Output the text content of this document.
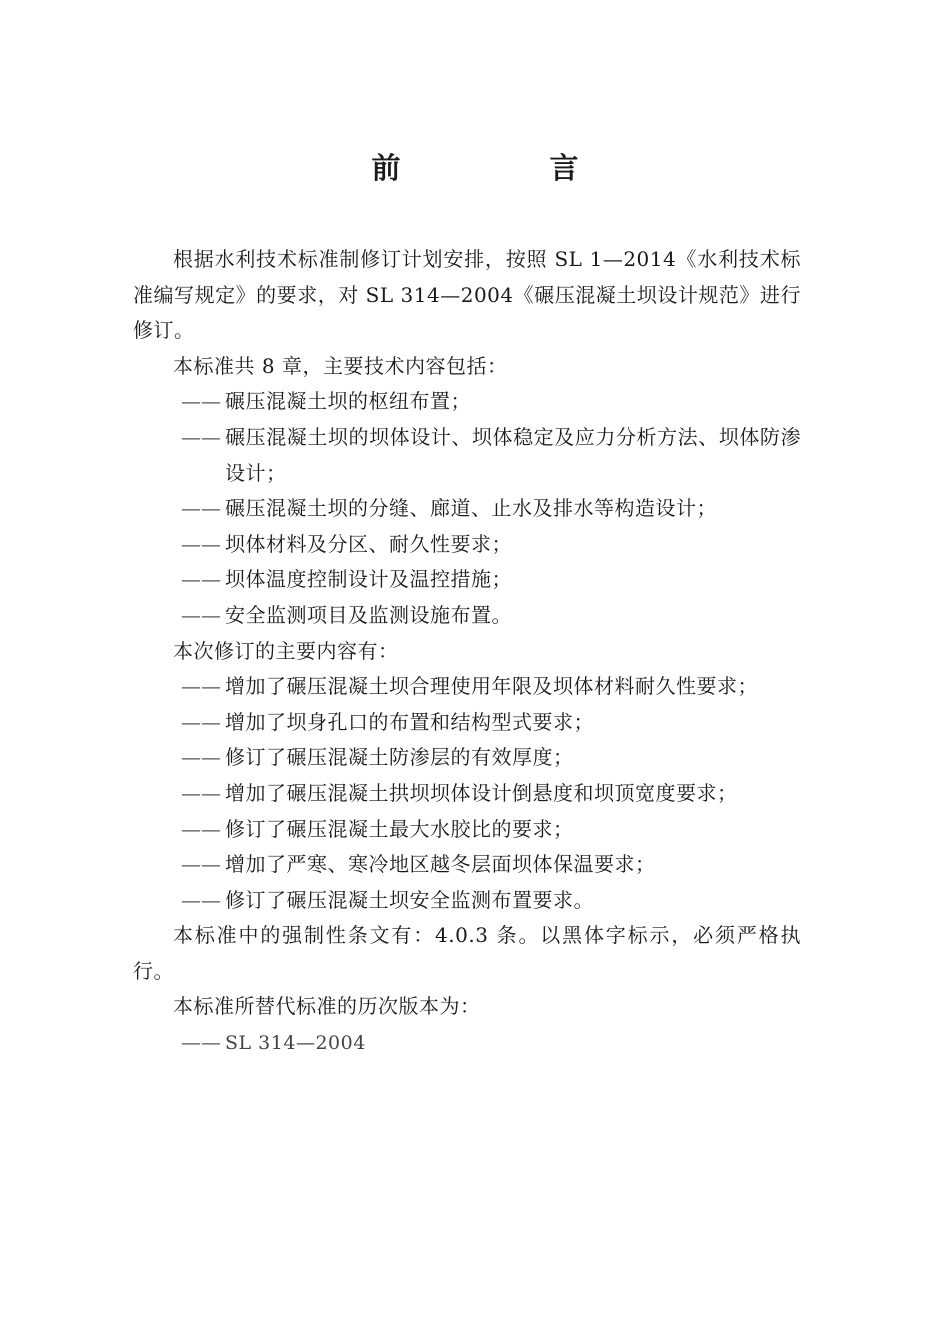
前　言

根据水利技术标准制修订计划安排，按照 SL 1—2014《水利技术标准编写规定》的要求，对 SL 314—2004《碾压混凝土坝设计规范》进行修订。

本标准共 8 章，主要技术内容包括：

—— 碾压混凝土坝的枢纽布置；

—— 碾压混凝土坝的坝体设计、坝体稳定及应力分析方法、坝体防渗设计；

—— 碾压混凝土坝的分缝、廊道、止水及排水等构造设计；

—— 坝体材料及分区、耐久性要求；

—— 坝体温度控制设计及温控措施；

—— 安全监测项目及监测设施布置。

本次修订的主要内容有：

—— 增加了碾压混凝土坝合理使用年限及坝体材料耐久性要求；

—— 增加了坝身孔口的布置和结构型式要求；

—— 修订了碾压混凝土防渗层的有效厚度；

—— 增加了碾压混凝土拱坝坝体设计倒悬度和坝顶宽度要求；

—— 修订了碾压混凝土最大水胶比的要求；

—— 增加了严寒、寒冷地区越冬层面坝体保温要求；

—— 修订了碾压混凝土坝安全监测布置要求。

本标准中的强制性条文有：4.0.3 条。以黑体字标示，必须严格执行。

本标准所替代标准的历次版本为：

—— SL 314—2004
